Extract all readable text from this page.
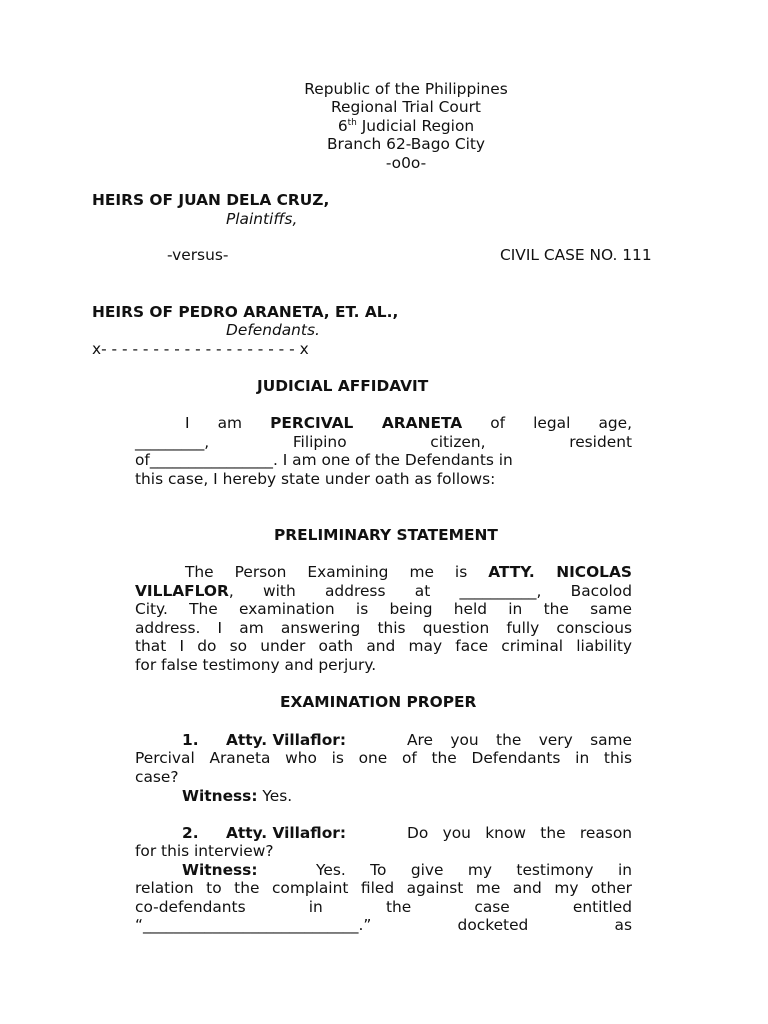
Republic of the Philippines
Regional Trial Court
6th Judicial Region
Branch 62-Bago City
-o0o-
HEIRS OF JUAN DELA CRUZ,
Plaintiffs,
-versus-	CIVIL CASE NO. 111
HEIRS OF PEDRO ARANETA, ET. AL.,
Defendants.
x- - - - - - - - - - - - - - - - - - - x
JUDICIAL AFFIDAVIT
I am PERCIVAL ARANETA of legal age,
_________, Filipino citizen, resident
of________________. I am one of the Defendants in
this case, I hereby state under oath as follows:
PRELIMINARY STATEMENT
The Person Examining me is ATTY. NICOLAS
VILLAFLOR, with address at __________, Bacolod
City. The examination is being held in the same
address. I am answering this question fully conscious
that I do so under oath and may face criminal liability
for false testimony and perjury.
EXAMINATION PROPER
1. Atty. Villaflor:	Are you the very same
Percival Araneta who is one of the Defendants in this
case?
Witness: Yes.
2. Atty. Villaflor:	Do you know the reason
for this interview?
Witness:	Yes. To give my testimony in
relation to the complaint filed against me and my other
co-defendants in the case entitled
“____________________________.” docketed as
